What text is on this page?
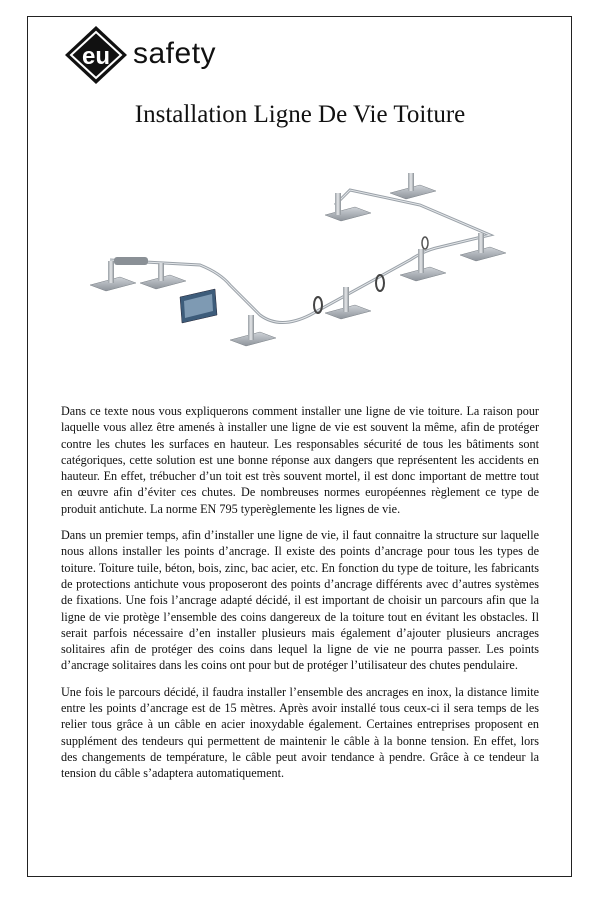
eu safety
Installation Ligne De Vie Toiture

Dans ce texte nous vous expliquerons comment installer une ligne de vie toiture. La raison pour laquelle vous allez être amenés à installer une ligne de vie est souvent la même, afin de protéger contre les chutes les surfaces en hauteur. Les responsables sécurité de tous les bâtiments sont catégoriques, cette solution est une bonne réponse aux dangers que représentent les accidents en hauteur. En effet, trébucher d’un toit est très souvent mortel, il est donc important de mettre tout en œuvre afin d’éviter ces chutes. De nombreuses normes européennes règlement ce type de produit antichute. La norme EN 795 typerèglemente les lignes de vie.

Dans un premier temps, afin d’installer une ligne de vie, il faut connaitre la structure sur laquelle nous allons installer les points d’ancrage. Il existe des points d’ancrage pour tous les types de toiture. Toiture tuile, béton, bois, zinc, bac acier, etc. En fonction du type de toiture, les fabricants de protections antichute vous proposeront des points d’ancrage différents avec d’autres systèmes de fixations. Une fois l’ancrage adapté décidé, il est important de choisir un parcours afin que la ligne de vie protège l’ensemble des coins dangereux de la toiture tout en évitant les obstacles. Il serait parfois nécessaire d’en installer plusieurs mais également d’ajouter plusieurs ancrages solitaires afin de protéger des coins dans lequel la ligne de vie ne pourra passer. Les points d’ancrage solitaires dans les coins ont pour but de protéger l’utilisateur des chutes pendulaire.

Une fois le parcours décidé, il faudra installer l’ensemble des ancrages en inox, la distance limite entre les points d’ancrage est de 15 mètres. Après avoir installé tous ceux-ci il sera temps de les relier tous grâce à un câble en acier inoxydable également. Certaines entreprises proposent en supplément des tendeurs qui permettent de maintenir le câble à la bonne tension. En effet, lors des changements de température, le câble peut avoir tendance à pendre. Grâce à ce tendeur la tension du câble s’adaptera automatiquement.
